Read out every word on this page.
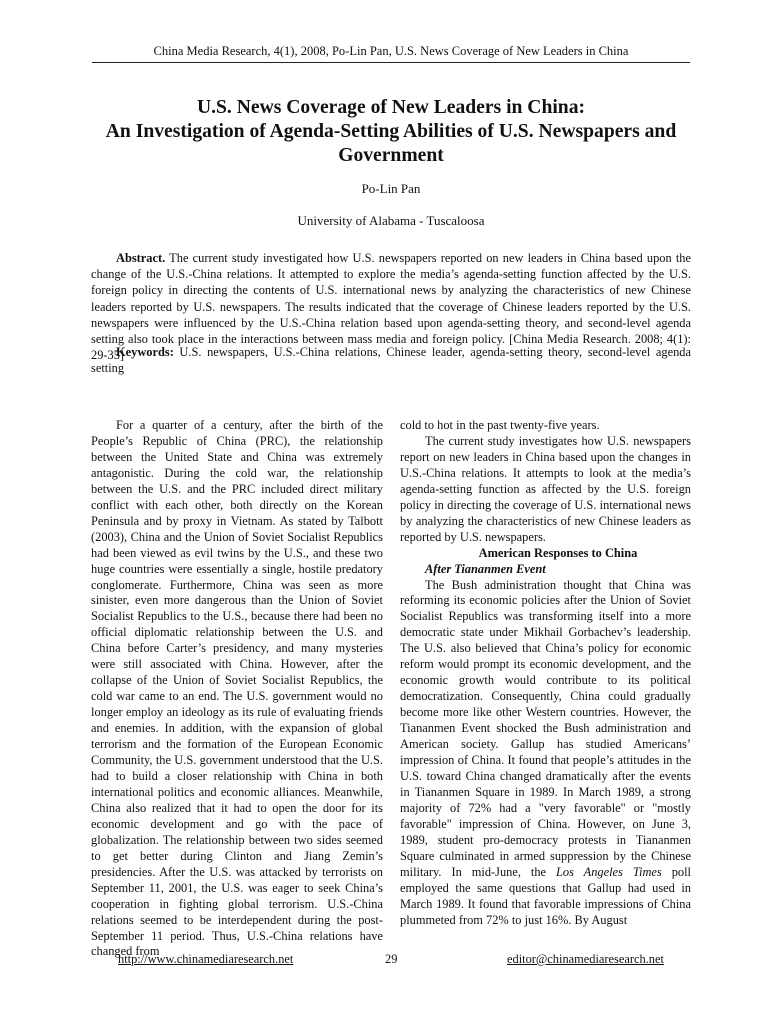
China Media Research, 4(1), 2008, Po-Lin Pan, U.S. News Coverage of New Leaders in China
U.S. News Coverage of New Leaders in China:
An Investigation of Agenda-Setting Abilities of U.S. Newspapers and
Government
Po-Lin Pan
University of Alabama - Tuscaloosa

Abstract. The current study investigated how U.S. newspapers reported on new leaders in China based upon the change of the U.S.-China relations. It attempted to explore the media’s agenda-setting function affected by the U.S. foreign policy in directing the contents of U.S. international news by analyzing the characteristics of new Chinese leaders reported by U.S. newspapers. The results indicated that the coverage of Chinese leaders reported by the U.S. newspapers were influenced by the U.S.-China relation based upon agenda-setting theory, and second-level agenda setting also took place in the interactions between mass media and foreign policy. [China Media Research. 2008; 4(1): 29-35]

Keywords: U.S. newspapers, U.S.-China relations, Chinese leader, agenda-setting theory, second-level agenda setting

For a quarter of a century, after the birth of the People’s Republic of China (PRC), the relationship between the United State and China was extremely antagonistic. During the cold war, the relationship between the U.S. and the PRC included direct military conflict with each other, both directly on the Korean Peninsula and by proxy in Vietnam. As stated by Talbott (2003), China and the Union of Soviet Socialist Republics had been viewed as evil twins by the U.S., and these two huge countries were essentially a single, hostile predatory conglomerate. Furthermore, China was seen as more sinister, even more dangerous than the Union of Soviet Socialist Republics to the U.S., because there had been no official diplomatic relationship between the U.S. and China before Carter’s presidency, and many mysteries were still associated with China. However, after the collapse of the Union of Soviet Socialist Republics, the cold war came to an end. The U.S. government would no longer employ an ideology as its rule of evaluating friends and enemies. In addition, with the expansion of global terrorism and the formation of the European Economic Community, the U.S. government understood that the U.S. had to build a closer relationship with China in both international politics and economic alliances. Meanwhile, China also realized that it had to open the door for its economic development and go with the pace of globalization. The relationship between two sides seemed to get better during Clinton and Jiang Zemin’s presidencies. After the U.S. was attacked by terrorists on September 11, 2001, the U.S. was eager to seek China’s cooperation in fighting global terrorism. U.S.-China relations seemed to be interdependent during the post-September 11 period. Thus, U.S.-China relations have changed from

cold to hot in the past twenty-five years.

The current study investigates how U.S. newspapers report on new leaders in China based upon the changes in U.S.-China relations. It attempts to look at the media’s agenda-setting function as affected by the U.S. foreign policy in directing the coverage of U.S. international news by analyzing the characteristics of new Chinese leaders as reported by U.S. newspapers.

American Responses to China

After Tiananmen Event

The Bush administration thought that China was reforming its economic policies after the Union of Soviet Socialist Republics was transforming itself into a more democratic state under Mikhail Gorbachev’s leadership. The U.S. also believed that China’s policy for economic reform would prompt its economic development, and the economic growth would contribute to its political democratization. Consequently, China could gradually become more like other Western countries. However, the Tiananmen Event shocked the Bush administration and American society. Gallup has studied Americans’ impression of China. It found that people’s attitudes in the U.S. toward China changed dramatically after the events in Tiananmen Square in 1989. In March 1989, a strong majority of 72% had a "very favorable" or "mostly favorable" impression of China. However, on June 3, 1989, student pro-democracy protests in Tiananmen Square culminated in armed suppression by the Chinese military. In mid-June, the Los Angeles Times poll employed the same questions that Gallup had used in March 1989. It found that favorable impressions of China plummeted from 72% to just 16%. By August

http://www.chinamediaresearch.net	29	editor@chinamediaresearch.net
